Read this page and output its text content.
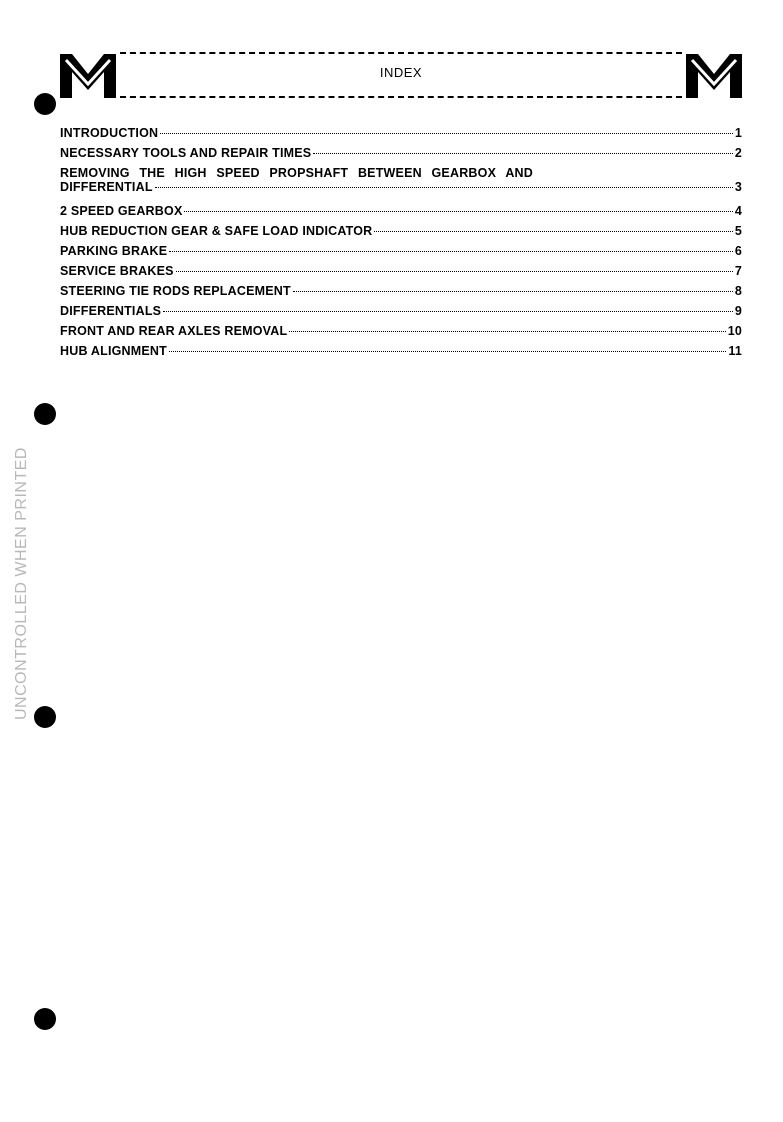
INDEX
UNCONTROLLED WHEN PRINTED
INTRODUCTION	1
NECESSARY TOOLS AND REPAIR TIMES	2
REMOVING THE HIGH SPEED PROPSHAFT BETWEEN GEARBOX AND
DIFFERENTIAL	3
2 SPEED GEARBOX	4
HUB REDUCTION GEAR & SAFE LOAD INDICATOR	5
PARKING BRAKE	6
SERVICE BRAKES	7
STEERING TIE RODS REPLACEMENT	8
DIFFERENTIALS	9
FRONT AND REAR AXLES REMOVAL	10
HUB ALIGNMENT	11
